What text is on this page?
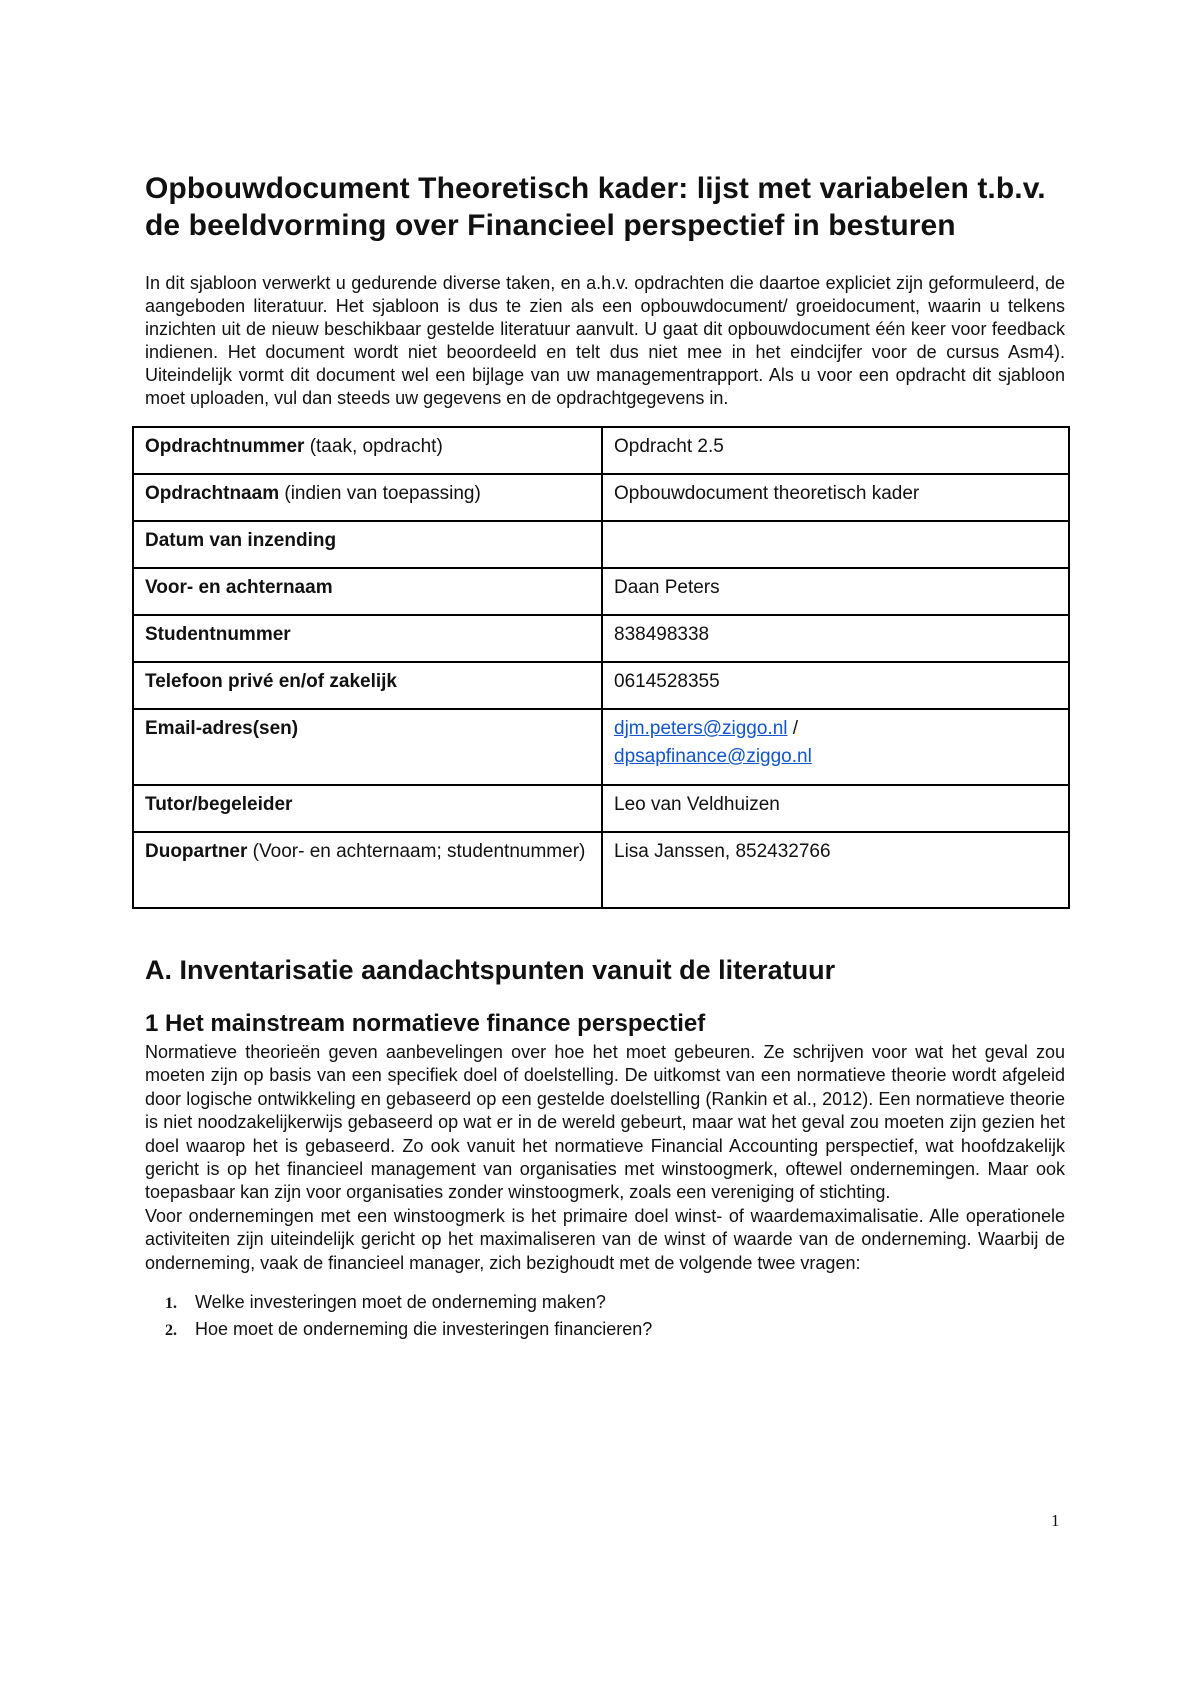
Opbouwdocument Theoretisch kader: lijst met variabelen t.b.v. de beeldvorming over Financieel perspectief in besturen

In dit sjabloon verwerkt u gedurende diverse taken, en a.h.v. opdrachten die daartoe expliciet zijn geformuleerd, de aangeboden literatuur. Het sjabloon is dus te zien als een opbouwdocument/ groeidocument, waarin u telkens inzichten uit de nieuw beschikbaar gestelde literatuur aanvult. U gaat dit opbouwdocument één keer voor feedback indienen. Het document wordt niet beoordeeld en telt dus niet mee in het eindcijfer voor de cursus Asm4). Uiteindelijk vormt dit document wel een bijlage van uw managementrapport. Als u voor een opdracht dit sjabloon moet uploaden, vul dan steeds uw gegevens en de opdrachtgegevens in.

Opdrachtnummer (taak, opdracht)	Opdracht 2.5
Opdrachtnaam (indien van toepassing)	Opbouwdocument theoretisch kader
Datum van inzending	
Voor- en achternaam	Daan Peters
Studentnummer	838498338
Telefoon privé en/of zakelijk	0614528355
Email-adres(sen)	djm.peters@ziggo.nl /
dpsapfinance@ziggo.nl
Tutor/begeleider	Leo van Veldhuizen
Duopartner (Voor- en achternaam; studentnummer)	Lisa Janssen, 852432766
A. Inventarisatie aandachtspunten vanuit de literatuur
1 Het mainstream normatieve finance perspectief

Normatieve theorieën geven aanbevelingen over hoe het moet gebeuren. Ze schrijven voor wat het geval zou moeten zijn op basis van een specifiek doel of doelstelling. De uitkomst van een normatieve theorie wordt afgeleid door logische ontwikkeling en gebaseerd op een gestelde doelstelling (Rankin et al., 2012). Een normatieve theorie is niet noodzakelijkerwijs gebaseerd op wat er in de wereld gebeurt, maar wat het geval zou moeten zijn gezien het doel waarop het is gebaseerd. Zo ook vanuit het normatieve Financial Accounting perspectief, wat hoofdzakelijk gericht is op het financieel management van organisaties met winstoogmerk, oftewel ondernemingen. Maar ook toepasbaar kan zijn voor organisaties zonder winstoogmerk, zoals een vereniging of stichting.

Voor ondernemingen met een winstoogmerk is het primaire doel winst- of waardemaximalisatie. Alle operationele activiteiten zijn uiteindelijk gericht op het maximaliseren van de winst of waarde van de onderneming. Waarbij de onderneming, vaak de financieel manager, zich bezighoudt met de volgende twee vragen:

1. Welke investeringen moet de onderneming maken?
2. Hoe moet de onderneming die investeringen financieren?
1
